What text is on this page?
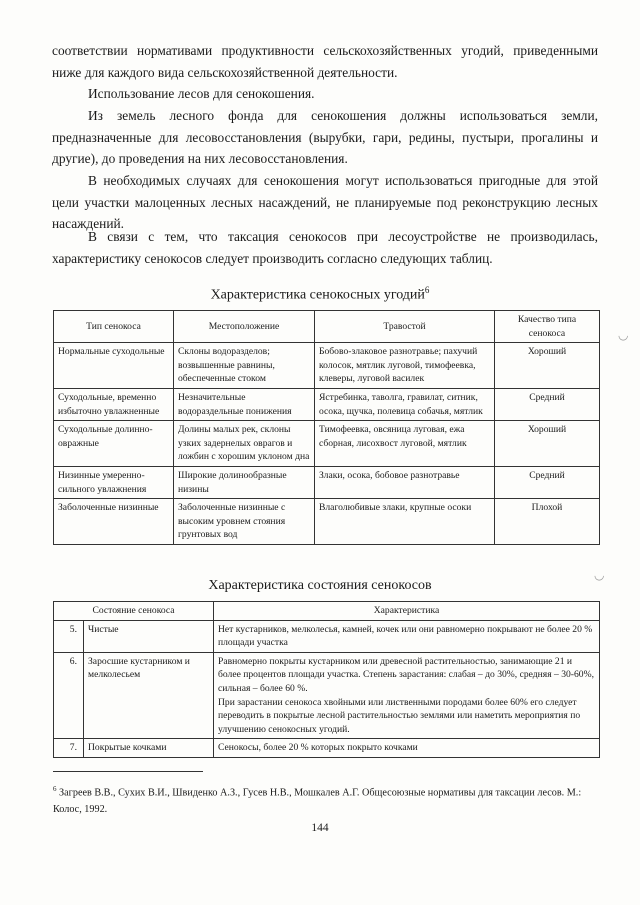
соответствии нормативами продуктивности сельскохозяйственных угодий, приведенными ниже для каждого вида сельскохозяйственной деятельности.
Использование лесов для сенокошения.
Из земель лесного фонда для сенокошения должны использоваться земли, предназначенные для лесовосстановления (вырубки, гари, редины, пустыри, прогалины и другие), до проведения на них лесовосстановления.
В необходимых случаях для сенокошения могут использоваться пригодные для этой цели участки малоценных лесных насаждений, не планируемые под реконструкцию лесных насаждений.
В связи с тем, что таксация сенокосов при лесоустройстве не производилась, характеристику сенокосов следует производить согласно следующих таблиц.
Характеристика сенокосных угодий$^6$
Тип сенокоса	Местоположение	Травостой	Качество типа сенокоса
Нормальные суходольные	Склоны водоразделов; возвышенные равнины, обеспеченные стоком	Бобово-злаковое разнотравье; пахучий колосок, мятлик луговой, тимофеевка, клеверы, луговой василек	Хороший
Суходольные, временно избыточно увлажненные	Незначительные водораздельные понижения	Ястребинка, таволга, гравилат, ситник, осока, щучка, полевица собачья, мятлик	Средний
Суходольные долинно-овражные	Долины малых рек, склоны узких задернелых оврагов и ложбин с хорошим уклоном дна	Тимофеевка, овсяница луговая, ежа сборная, лисохвост луговой, мятлик	Хороший
Низинные умеренно-сильного увлажнения	Широкие долинообразные низины	Злаки, осока, бобовое разнотравье	Средний
Заболоченные низинные	Заболоченные низинные с высоким уровнем стояния грунтовых вод	Влаголюбивые злаки, крупные осоки	Плохой
Характеристика состояния сенокосов
Состояние сенокоса		Характеристика
5.	Чистые	Нет кустарников, мелколесья, камней, кочек или они равномерно покрывают не более 20 % площади участка
6.	Заросшие кустарником и мелколесьем	Равномерно покрыты кустарником или древесной растительностью, занимающие 21 и более процентов площади участка. Степень зарастания: слабая – до 30%, средняя – 30-60%, сильная – более 60 %.
При зарастании сенокоса хвойными или лиственными породами более 60% его следует переводить в покрытые лесной растительностью землями или наметить мероприятия по улучшению сенокосных угодий.

7.	Покрытые кочками	Сенокосы, более 20 % которых покрыто кочками
$^6$ Загреев В.В., Сухих В.И., Швиденко А.З., Гусев Н.В., Мошкалев А.Г. Общесоюзные нормативы для таксации лесов. М.: Колос, 1992.
144
◡
◡
